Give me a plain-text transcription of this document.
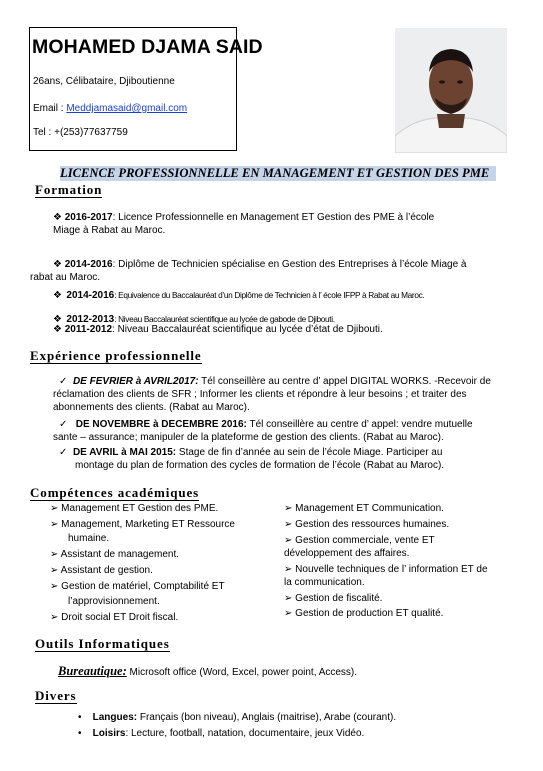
MOHAMED DJAMA SAID
26ans, Célibataire, Djiboutienne
Email : Meddjamasaid@gmail.com
Tel : +(253)77637759
LICENCE PROFESSIONNELLE EN MANAGEMENT ET GESTION DES PME
Formation
❖ 2016-2017: Licence Professionnelle en Management ET Gestion des PME à l’école
Miage à Rabat au Maroc.
❖ 2014-2016: Diplôme de Technicien spécialise en Gestion des Entreprises à l’école Miage à
rabat au Maroc.
❖ 2014-2016: Equivalence du Baccalauréat d’un Diplôme de Technicien à l’ école IFPP à Rabat au Maroc.
❖ 2012-2013: Niveau Baccalauréat scientifique au lycée de gabode de Djibouti.
❖ 2011-2012: Niveau Baccalauréat scientifique au lycée d’état de Djibouti.
Expérience professionnelle
✓ DE FEVRIER à AVRIL2017: Tél conseillère au centre d’ appel DIGITAL WORKS. -Recevoir de
réclamation des clients de SFR ; Informer les clients et répondre à leur besoins ; et traiter des
abonnements des clients. (Rabat au Maroc).
✓ DE NOVEMBRE à DECEMBRE 2016: Tél conseillère au centre d’ appel: vendre mutuelle
sante – assurance; manipuler de la plateforme de gestion des clients. (Rabat au Maroc).
✓ DE AVRIL à MAI 2015: Stage de fin d’année au sein de l’école Miage. Participer au
montage du plan de formation des cycles de formation de l’école (Rabat au Maroc).
Compétences académiques
➢ Management ET Gestion des PME.
➢ Management, Marketing ET Ressource
humaine.
➢ Assistant de management.
➢ Assistant de gestion.
➢ Gestion de matériel, Comptabilité ET
l’approvisionnement.
➢ Droit social ET Droit fiscal.
➢ Management ET Communication.
➢ Gestion des ressources humaines.
➢ Gestion commerciale, vente ET
développement des affaires.
➢ Nouvelle techniques de l’ information ET de
la communication.
➢ Gestion de fiscalité.
➢ Gestion de production ET qualité.
Outils Informatiques
Bureautique: Microsoft office (Word, Excel, power point, Access).
Divers
• Langues: Français (bon niveau), Anglais (maitrise), Arabe (courant).
• Loisirs: Lecture, football, natation, documentaire, jeux Vidéo.
